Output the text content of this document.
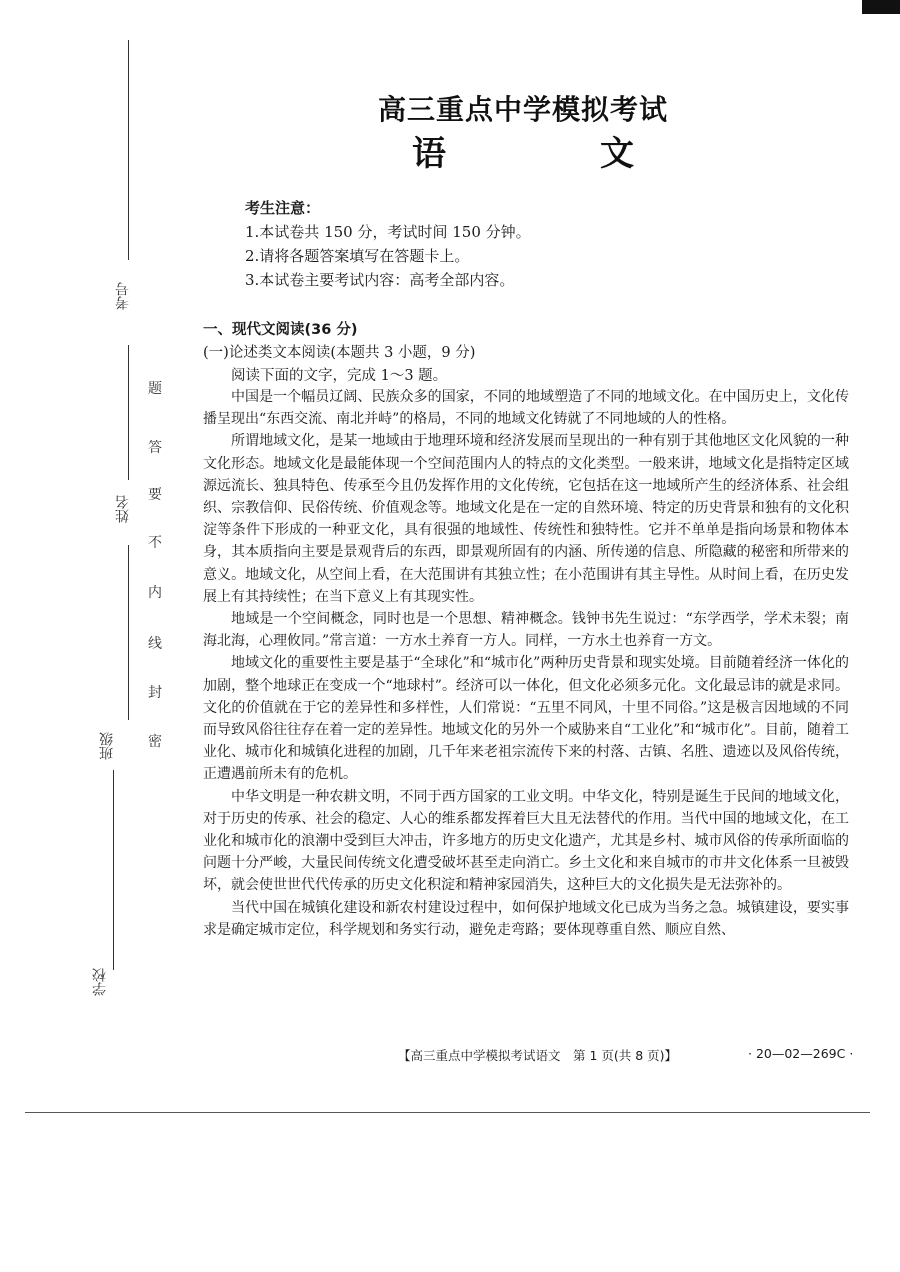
考号
姓名
班级
学校
题
答
要
不
内
线
封
密
高三重点中学模拟考试
语　文
考生注意：
1.本试卷共 150 分，考试时间 150 分钟。
2.请将各题答案填写在答题卡上。
3.本试卷主要考试内容：高考全部内容。
一、现代文阅读(36 分)
(一)论述类文本阅读(本题共 3 小题，9 分)
阅读下面的文字，完成 1～3 题。

中国是一个幅员辽阔、民族众多的国家，不同的地域塑造了不同的地域文化。在中国历史上，文化传播呈现出“东西交流、南北并峙”的格局，不同的地域文化铸就了不同地域的人的性格。

所谓地域文化，是某一地域由于地理环境和经济发展而呈现出的一种有别于其他地区文化风貌的一种文化形态。地域文化是最能体现一个空间范围内人的特点的文化类型。一般来讲，地域文化是指特定区域源远流长、独具特色、传承至今且仍发挥作用的文化传统，它包括在这一地域所产生的经济体系、社会组织、宗教信仰、民俗传统、价值观念等。地域文化是在一定的自然环境、特定的历史背景和独有的文化积淀等条件下形成的一种亚文化，具有很强的地域性、传统性和独特性。它并不单单是指向场景和物体本身，其本质指向主要是景观背后的东西，即景观所固有的内涵、所传递的信息、所隐藏的秘密和所带来的意义。地域文化，从空间上看，在大范围讲有其独立性；在小范围讲有其主导性。从时间上看，在历史发展上有其持续性；在当下意义上有其现实性。

地域是一个空间概念，同时也是一个思想、精神概念。钱钟书先生说过：“东学西学，学术未裂；南海北海，心理攸同。”常言道：一方水土养育一方人。同样，一方水土也养育一方文。

地域文化的重要性主要是基于“全球化”和“城市化”两种历史背景和现实处境。目前随着经济一体化的加剧，整个地球正在变成一个“地球村”。经济可以一体化，但文化必须多元化。文化最忌讳的就是求同。文化的价值就在于它的差异性和多样性，人们常说：“五里不同风，十里不同俗。”这是极言因地域的不同而导致风俗往往存在着一定的差异性。地域文化的另外一个威胁来自“工业化”和“城市化”。目前，随着工业化、城市化和城镇化进程的加剧，几千年来老祖宗流传下来的村落、古镇、名胜、遗迹以及风俗传统，正遭遇前所未有的危机。

中华文明是一种农耕文明，不同于西方国家的工业文明。中华文化，特别是诞生于民间的地域文化，对于历史的传承、社会的稳定、人心的维系都发挥着巨大且无法替代的作用。当代中国的地域文化，在工业化和城市化的浪潮中受到巨大冲击，许多地方的历史文化遗产，尤其是乡村、城市风俗的传承所面临的问题十分严峻，大量民间传统文化遭受破坏甚至走向消亡。乡土文化和来自城市的市井文化体系一旦被毁坏，就会使世世代代传承的历史文化积淀和精神家园消失，这种巨大的文化损失是无法弥补的。

当代中国在城镇化建设和新农村建设过程中，如何保护地域文化已成为当务之急。城镇建设，要实事求是确定城市定位，科学规划和务实行动，避免走弯路；要体现尊重自然、顺应自然、

【高三重点中学模拟考试语文　第 1 页(共 8 页)】	· 20—02—269C ·
